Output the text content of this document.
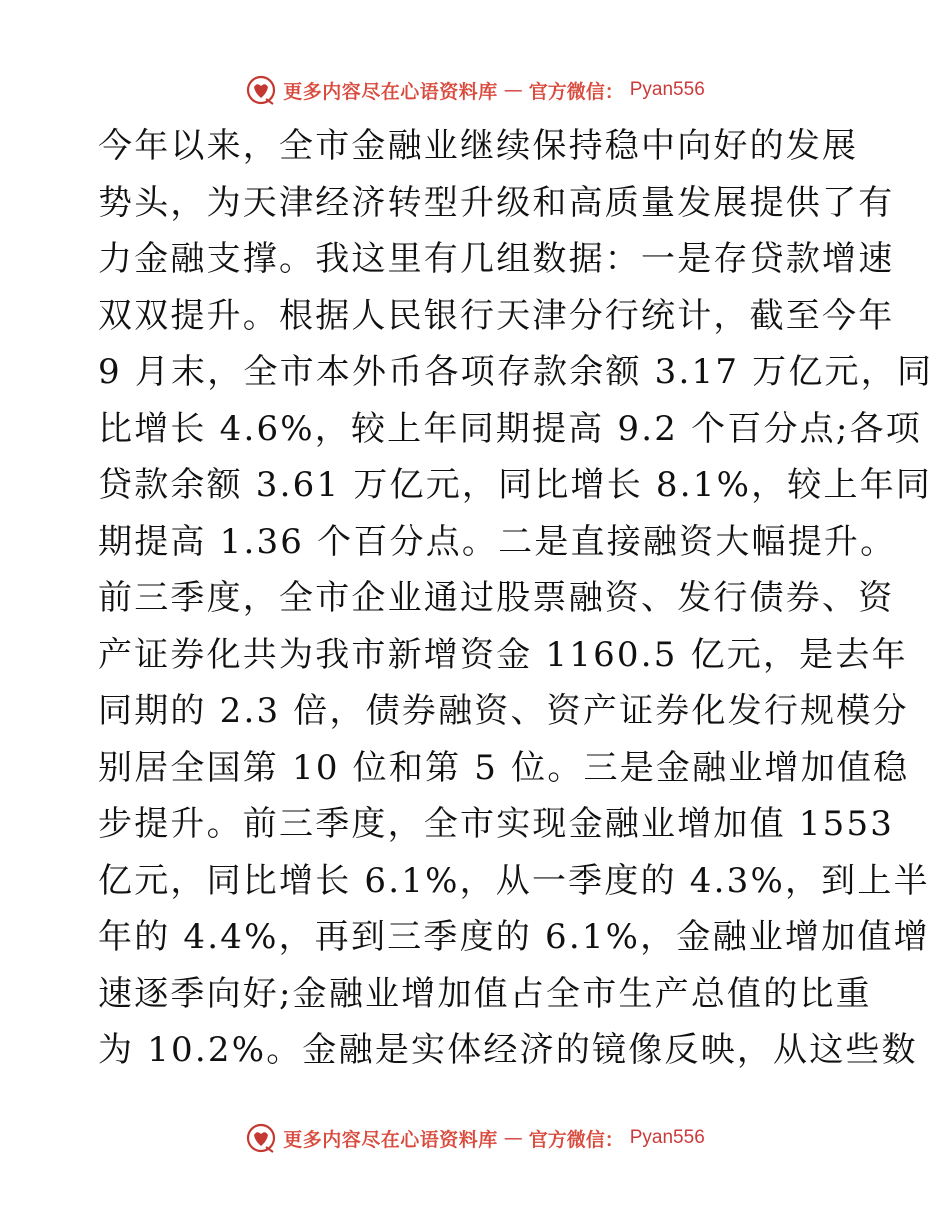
更多内容尽在心语资料库 — 官方微信： Pyan556
今年以来，全市金融业继续保持稳中向好的发展
势头，为天津经济转型升级和高质量发展提供了有
力金融支撑。我这里有几组数据：一是存贷款增速
双双提升。根据人民银行天津分行统计，截至今年
9 月末，全市本外币各项存款余额 3.17 万亿元，同
比增长 4.6%，较上年同期提高 9.2 个百分点;各项
贷款余额 3.61 万亿元，同比增长 8.1%，较上年同
期提高 1.36 个百分点。二是直接融资大幅提升。
前三季度，全市企业通过股票融资、发行债券、资
产证券化共为我市新增资金 1160.5 亿元，是去年
同期的 2.3 倍，债券融资、资产证券化发行规模分
别居全国第 10 位和第 5 位。三是金融业增加值稳
步提升。前三季度，全市实现金融业增加值 1553
亿元，同比增长 6.1%，从一季度的 4.3%，到上半
年的 4.4%，再到三季度的 6.1%，金融业增加值增
速逐季向好;金融业增加值占全市生产总值的比重
为 10.2%。金融是实体经济的镜像反映，从这些数
更多内容尽在心语资料库 — 官方微信： Pyan556
